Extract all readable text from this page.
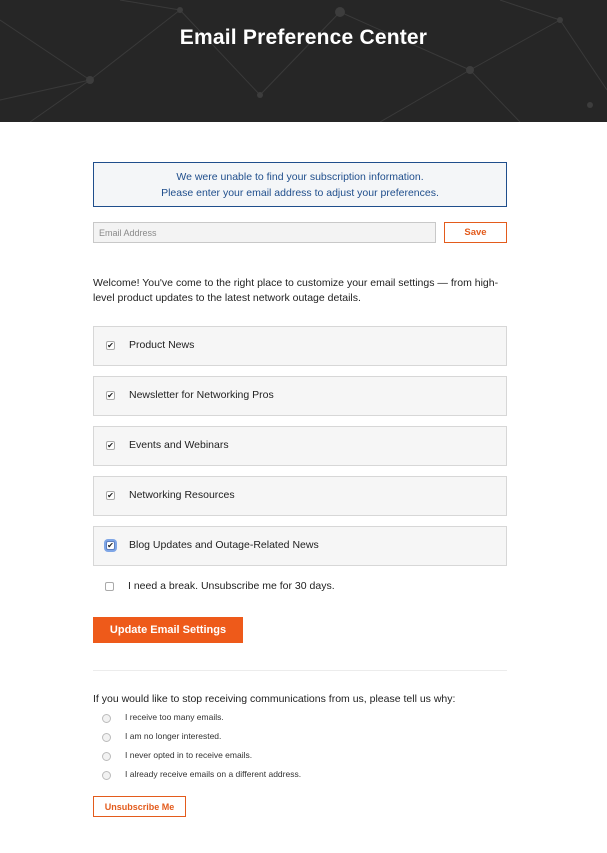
Email Preference Center
We were unable to find your subscription information.
Please enter your email address to adjust your preferences.
Email Address
Save
Welcome! You've come to the right place to customize your email settings — from high-level product updates to the latest network outage details.
✔ Product News
✔ Newsletter for Networking Pros
✔ Events and Webinars
✔ Networking Resources
✔ Blog Updates and Outage-Related News
I need a break. Unsubscribe me for 30 days.
Update Email Settings
If you would like to stop receiving communications from us, please tell us why:
I receive too many emails.
I am no longer interested.
I never opted in to receive emails.
I already receive emails on a different address.
Unsubscribe Me
